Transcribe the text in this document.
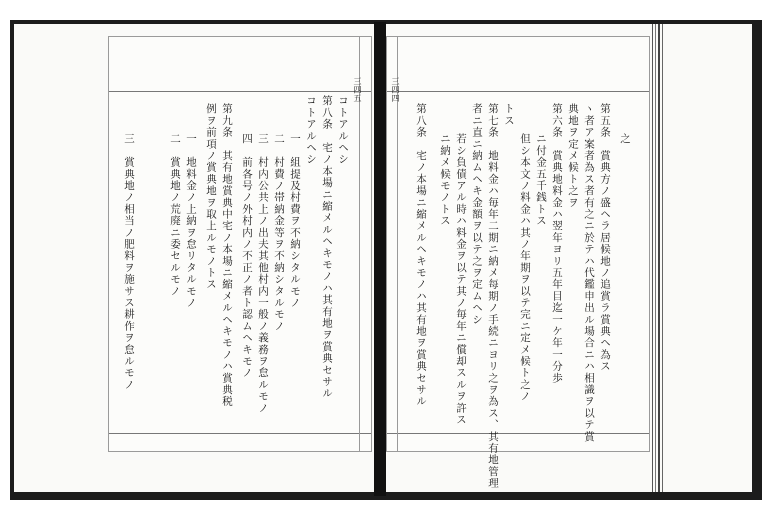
三四五
コトアルヘシ
第八条　宅ノ本場ニ縮メルヘキモノハ其有地ヲ賞典セサル
コトアルヘシ
一　組提及村費ヲ不納シタルモノ
二　村費ノ帯納金等ヲ不納シタルモノ
三　村内公共上ノ出夫其他村内一般ノ義務ヲ怠ルモノ
四　前各号ノ外村内ノ不正ノ者ト認ムヘキモノ
第九条　其有地賞典中宅ノ本場ニ縮メルヘキモノハ賞典税
例ヲ前項ノ賞典地ヲ取上ルモノトス
一　地料金ノ上納ヲ怠リタルモノ
二　賞典地ノ荒廃ニ委セルモノ
三　賞典地ノ相当ノ肥料ヲ施サス耕作ヲ怠ルモノ
三四四
之
第五条　賞典方ノ盛ヘラ居候地ノ追賞ラ賞典ヘ為ス
ヽ者ア案者為ス者有之ニ於テハ代鑑申出ル場合ニハ相識ヲ以テ賞
典地ヲ定メ候ト之ヲ
第六条　賞典地料金ハ翌年ヨリ五年目迄一ケ年一分歩
ニ付金五千銭トス
但シ本文ノ料金ハ其ノ年期ヲ以テ完ニ定メ候ト之ノ
トス
第七条　地料金ハ毎年二期ニ納メ每期ノ手続ニヨリ之ヲ為ス、其有地管理
者ニ直ニ納ムヘキ金額ヲ以テ之ヲ定ムヘシ
若シ負債アル時ハ料金ヲ以テ其ノ毎年ニ償却スルヲ許ス
ニ納メ候モノトス
第八条　宅ノ本場ニ縮メルヘキモノハ其有地ヲ賞典セサル
